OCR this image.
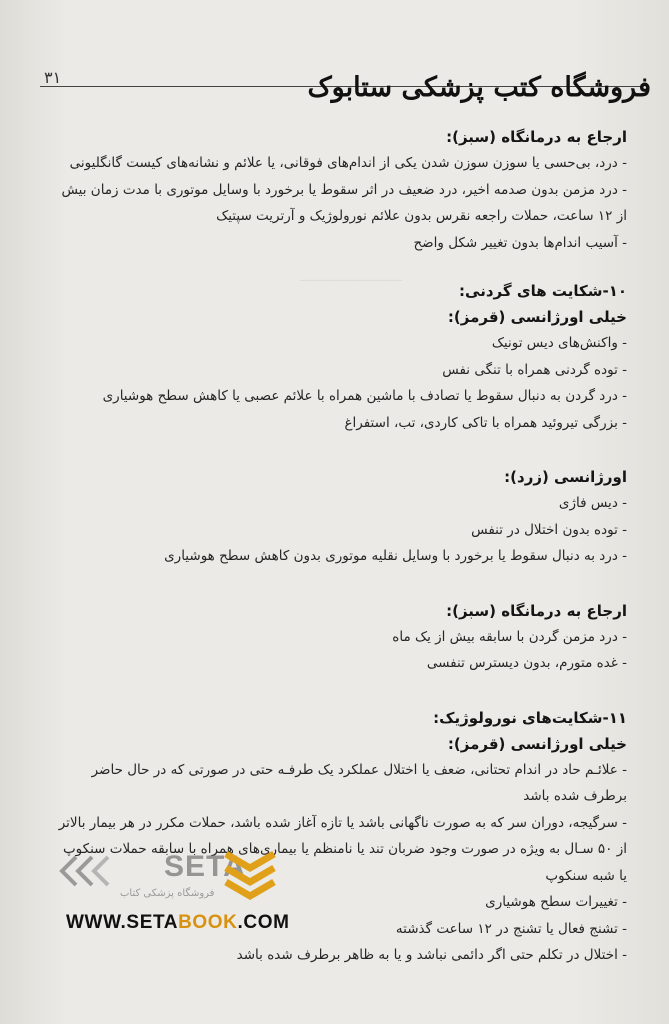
ـــــــــــــــــــــــــــــ
۳۱	فروشگاه کتب پزشکی ستابوک

ارجاع به درمانگاه (سبز):

- درد، بی‌حسی یا سوزن سوزن شدن یکی از اندام‌های فوقانی، یا علائم و نشانه‌های کیست گانگلیونی

- درد مزمن بدون صدمه اخیر، درد ضعیف در اثر سقوط یا برخورد با وسایل موتوری با مدت زمان بیش

از ۱۲ ساعت، حملات راجعه نقرس بدون علائم نورولوژیک و آرتریت سپتیک

- آسیب اندام‌ها بدون تغییر شکل واضح

۱۰-شکایت های گردنی:

خیلی اورژانسی (قرمز):

- واکنش‌های دیس تونیک

- توده گردنی همراه با تنگی نفس

- درد گردن به دنبال سقوط یا تصادف با ماشین همراه با علائم عصبی یا کاهش سطح هوشیاری

- بزرگی تیروئید همراه با تاکی کاردی، تب، استفراغ

اورژانسی (زرد):

- دیس فاژی

- توده بدون اختلال در تنفس

- درد به دنبال سقوط یا برخورد با وسایل نقلیه موتوری بدون کاهش سطح هوشیاری

ارجاع به درمانگاه (سبز):

- درد مزمن گردن با سابقه بیش از یک ماه

- غده متورم، بدون دیسترس تنفسی

۱۱-شکایت‌های نورولوژیک:

خیلی اورژانسی (قرمز):

- علائـم حاد در اندام تحتانی، ضعف یا اختلال عملکرد یک طرفـه حتی در صورتی که در حال حاضر

برطرف شده باشد

- سرگیجه، دوران سر که به صورت ناگهانی باشد یا تازه آغاز شده باشد، حملات مکرر در هر بیمار بالاتر

از ۵۰ سـال به ویژه در صورت وجود ضربان تند یا نامنظم یا بیماری‌های همراه با سابقه حملات سنکوپ

یا شبه سنکوپ

- تغییرات سطح هوشیاری

- تشنج فعال یا تشنج در ۱۲ ساعت گذشته

- اختلال در تکلم حتی اگر دائمی نباشد و یا به ظاهر برطرف شده باشد

SETA
فروشگاه پزشکی کتاب
WWW.SETABOOK.COM
